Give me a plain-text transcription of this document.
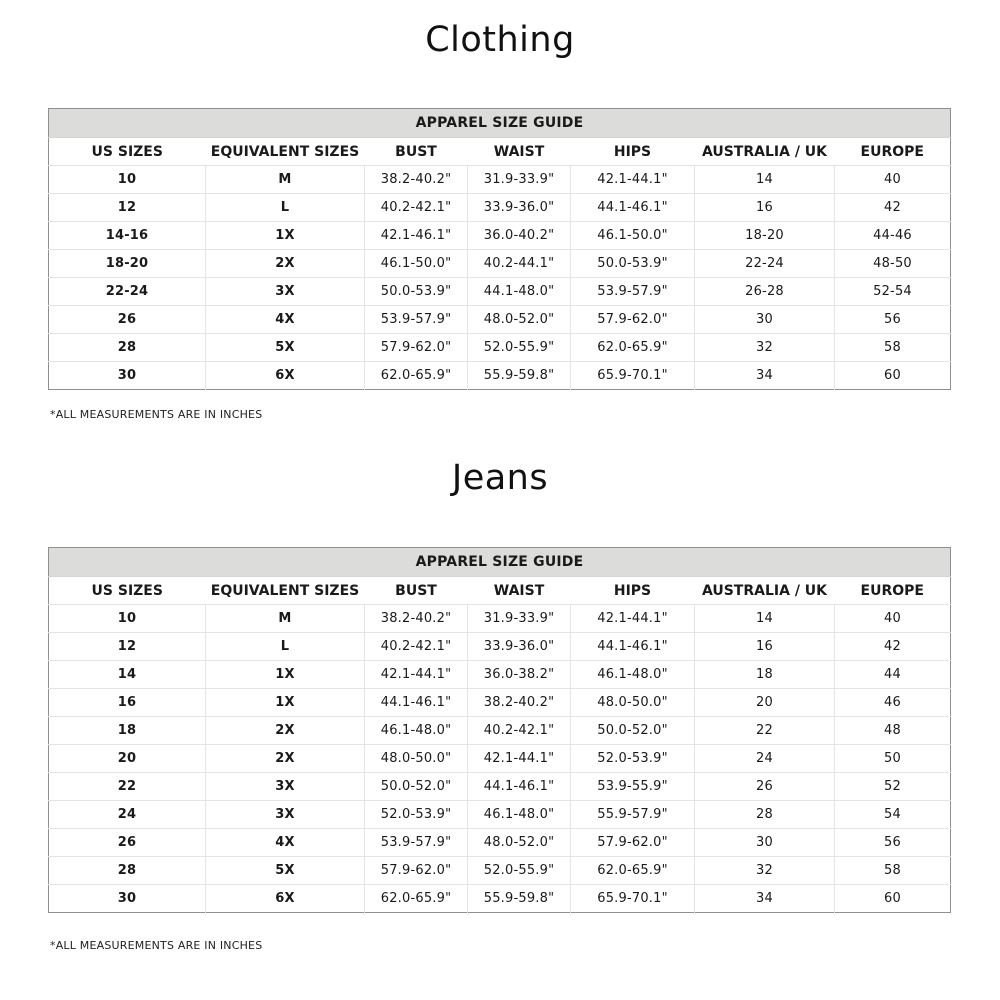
Clothing
APPAREL SIZE GUIDE						
US SIZES	EQUIVALENT SIZES	BUST	WAIST	HIPS	AUSTRALIA / UK	EUROPE
10	M	38.2-40.2"	31.9-33.9"	42.1-44.1"	14	40
12	L	40.2-42.1"	33.9-36.0"	44.1-46.1"	16	42
14-16	1X	42.1-46.1"	36.0-40.2"	46.1-50.0"	18-20	44-46
18-20	2X	46.1-50.0"	40.2-44.1"	50.0-53.9"	22-24	48-50
22-24	3X	50.0-53.9"	44.1-48.0"	53.9-57.9"	26-28	52-54
26	4X	53.9-57.9"	48.0-52.0"	57.9-62.0"	30	56
28	5X	57.9-62.0"	52.0-55.9"	62.0-65.9"	32	58
30	6X	62.0-65.9"	55.9-59.8"	65.9-70.1"	34	60

*ALL MEASUREMENTS ARE IN INCHES

Jeans
APPAREL SIZE GUIDE						
US SIZES	EQUIVALENT SIZES	BUST	WAIST	HIPS	AUSTRALIA / UK	EUROPE
10	M	38.2-40.2"	31.9-33.9"	42.1-44.1"	14	40
12	L	40.2-42.1"	33.9-36.0"	44.1-46.1"	16	42
14	1X	42.1-44.1"	36.0-38.2"	46.1-48.0"	18	44
16	1X	44.1-46.1"	38.2-40.2"	48.0-50.0"	20	46
18	2X	46.1-48.0"	40.2-42.1"	50.0-52.0"	22	48
20	2X	48.0-50.0"	42.1-44.1"	52.0-53.9"	24	50
22	3X	50.0-52.0"	44.1-46.1"	53.9-55.9"	26	52
24	3X	52.0-53.9"	46.1-48.0"	55.9-57.9"	28	54
26	4X	53.9-57.9"	48.0-52.0"	57.9-62.0"	30	56
28	5X	57.9-62.0"	52.0-55.9"	62.0-65.9"	32	58
30	6X	62.0-65.9"	55.9-59.8"	65.9-70.1"	34	60

*ALL MEASUREMENTS ARE IN INCHES
